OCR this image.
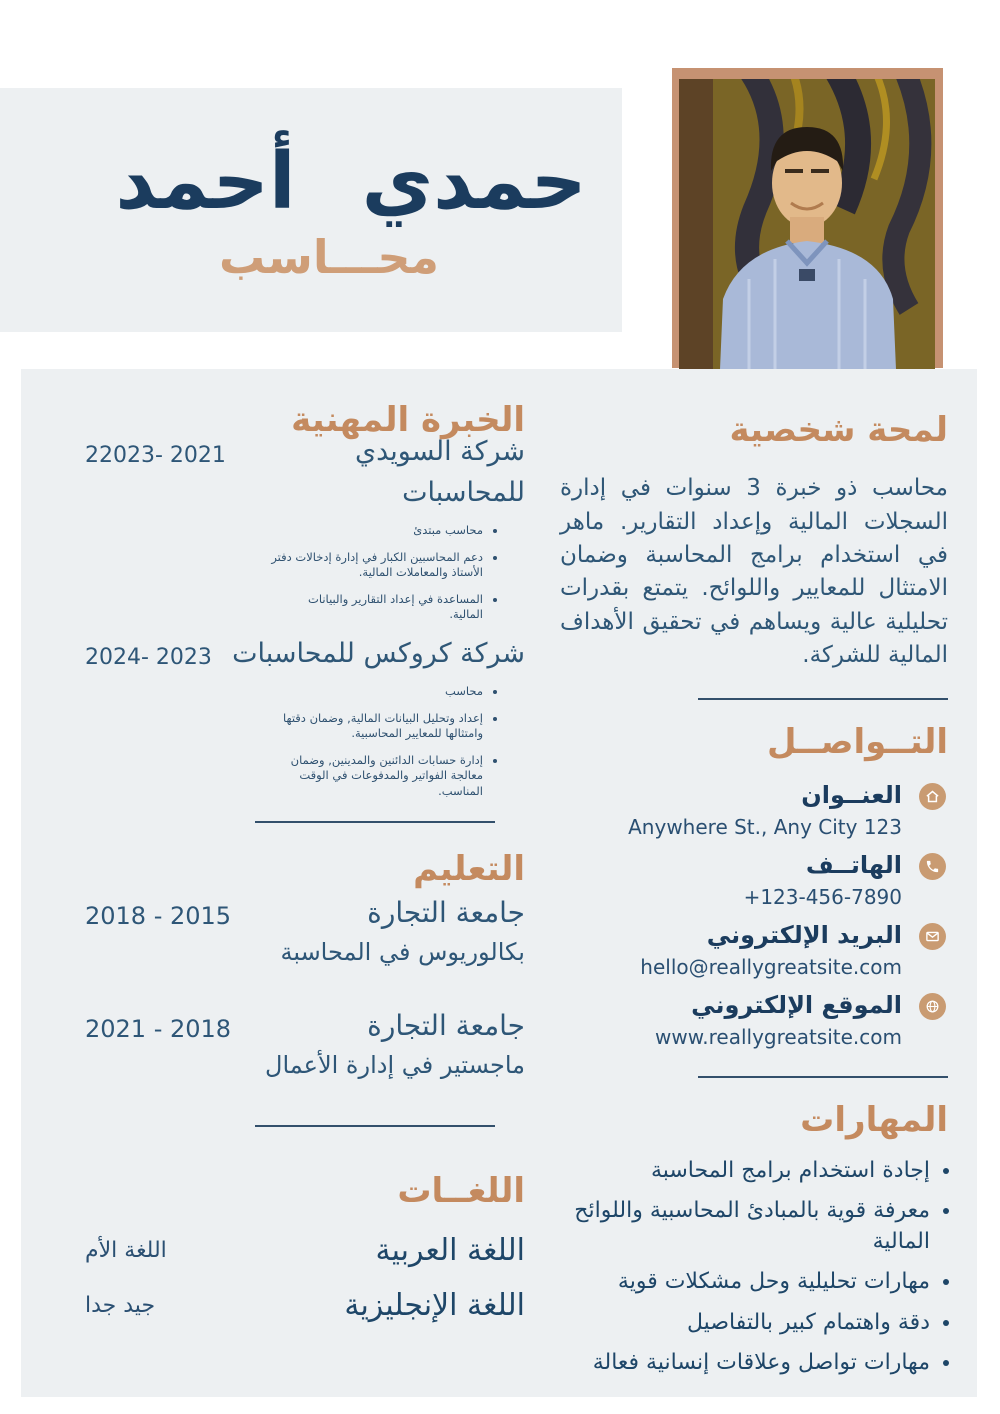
حمدي
أحمد
محـــاسب
الخبرة المهنية
شركة السويدي للمحاسبات
22023- 2021
• محاسب مبتدئ
• دعم المحاسبين الكبار في إدارة إدخالات دفتر الأستاذ والمعاملات المالية.
• المساعدة في إعداد التقارير والبيانات المالية.
شركة كروكس للمحاسبات
2024- 2023
• محاسب
• إعداد وتحليل البيانات المالية, وضمان دقتها وامتثالها للمعايير المحاسبية.
• إدارة حسابات الدائنين والمدينين, وضمان معالجة الفواتير والمدفوعات في الوقت المناسب.
التعليم
جامعة التجارة
2018 - 2015
بكالوريوس في المحاسبة
جامعة التجارة
2021 - 2018
ماجستير في إدارة الأعمال
اللغــات
اللغة العربية
اللغة الأم
اللغة الإنجليزية
جيد جدا
لمحة شخصية

محاسب ذو خبرة 3 سنوات في إدارة السجلات المالية وإعداد التقارير. ماهر في استخدام برامج المحاسبة وضمان الامتثال للمعايير واللوائح. يتمتع بقدرات تحليلية عالية ويساهم في تحقيق الأهداف المالية للشركة.

التــواصــل
العنــوان
Anywhere St., Any City 123
الهاتــف
+123-456-7890
البريد الإلكتروني
hello@reallygreatsite.com
الموقع الإلكتروني
www.reallygreatsite.com
المهارات
• إجادة استخدام برامج المحاسبة
• معرفة قوية بالمبادئ المحاسبية واللوائح المالية
• مهارات تحليلية وحل مشكلات قوية
• دقة واهتمام كبير بالتفاصيل
• مهارات تواصل وعلاقات إنسانية فعالة
